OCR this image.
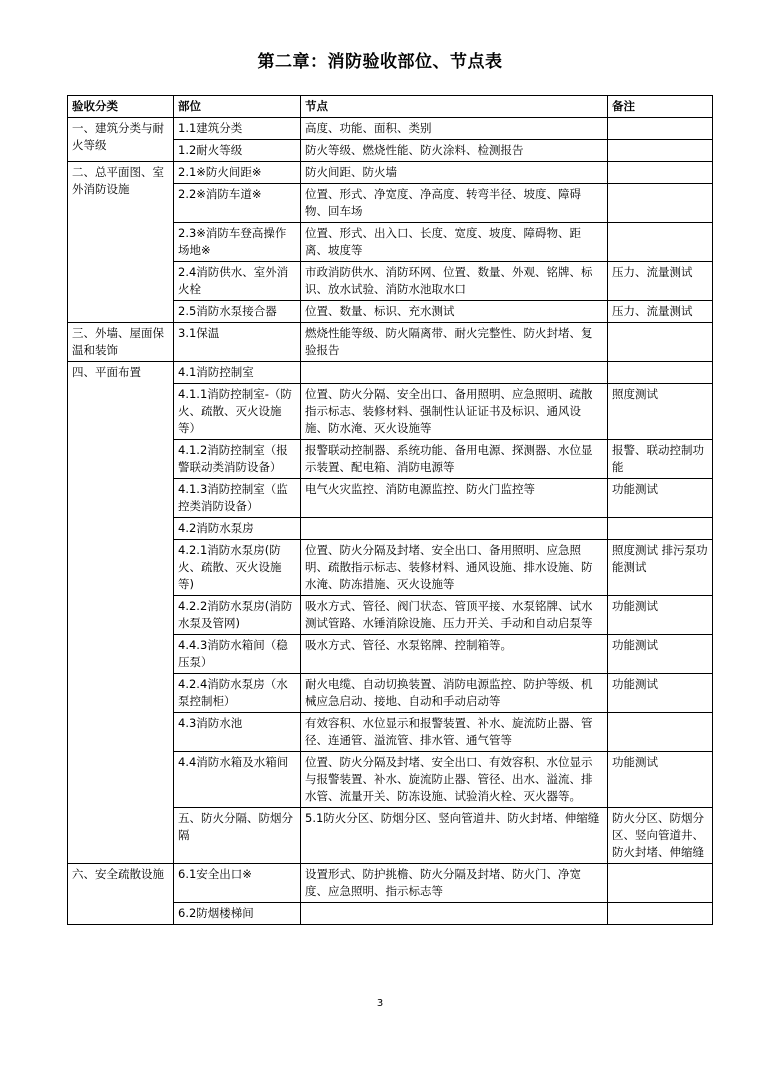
第二章：消防验收部位、节点表
验收分类	部位	节点	备注	
一、建筑分类与耐火等级	1.1建筑分类	高度、功能、面积、类别		
	1.2耐火等级	防火等级、燃烧性能、防火涂料、检测报告		
二、总平面图、室外消防设施	2.1※防火间距※	防火间距、防火墙		
	2.2※消防车道※	位置、形式、净宽度、净高度、转弯半径、坡度、障碍物、回车场		
	2.3※消防车登高操作场地※	位置、形式、出入口、长度、宽度、坡度、障碍物、距离、坡度等		
	2.4消防供水、室外消火栓	市政消防供水、消防环网、位置、数量、外观、铭牌、标识、放水试验、消防水池取水口	压力、流量测试	
	2.5消防水泵接合器	位置、数量、标识、充水测试	压力、流量测试	
三、外墙、屋面保温和装饰	3.1保温	燃烧性能等级、防火隔离带、耐火完整性、防火封堵、复验报告		
四、平面布置	4.1消防控制室			
	4.1.1消防控制室-（防火、疏散、灭火设施等）	位置、防火分隔、安全出口、备用照明、应急照明、疏散指示标志、装修材料、强制性认证证书及标识、通风设施、防水淹、灭火设施等	照度测试	
	4.1.2消防控制室（报警联动类消防设备）	报警联动控制器、系统功能、备用电源、探测器、水位显示装置、配电箱、消防电源等	报警、联动控制功能	
	4.1.3消防控制室（监控类消防设备）	电气火灾监控、消防电源监控、防火门监控等	功能测试	
	4.2消防水泵房			
	4.2.1消防水泵房(防火、疏散、灭火设施等)	位置、防火分隔及封堵、安全出口、备用照明、应急照明、疏散指示标志、装修材料、通风设施、排水设施、防水淹、防冻措施、灭火设施等	照度测试 排污泵功能测试	
	4.2.2消防水泵房(消防水泵及管网)	吸水方式、管径、阀门状态、管顶平接、水泵铭牌、试水测试管路、水锤消除设施、压力开关、手动和自动启泵等	功能测试	
	4.4.3消防水箱间（稳压泵）	吸水方式、管径、水泵铭牌、控制箱等。	功能测试	
	4.2.4消防水泵房（水泵控制柜）	耐火电缆、自动切换装置、消防电源监控、防护等级、机械应急启动、接地、自动和手动启动等	功能测试	
	4.3消防水池	有效容积、水位显示和报警装置、补水、旋流防止器、管径、连通管、溢流管、排水管、通气管等		
	4.4消防水箱及水箱间	位置、防火分隔及封堵、安全出口、有效容积、水位显示与报警装置、补水、旋流防止器、管径、出水、溢流、排水管、流量开关、防冻设施、试验消火栓、灭火器等。	功能测试	
	五、防火分隔、防烟分隔	5.1防火分区、防烟分区、竖向管道井、防火封堵、伸缩缝	防火分区、防烟分区、竖向管道井、防火封堵、伸缩缝	
六、安全疏散设施	6.1安全出口※	设置形式、防护挑檐、防火分隔及封堵、防火门、净宽度、应急照明、指示标志等		
	6.2防烟楼梯间			
3
